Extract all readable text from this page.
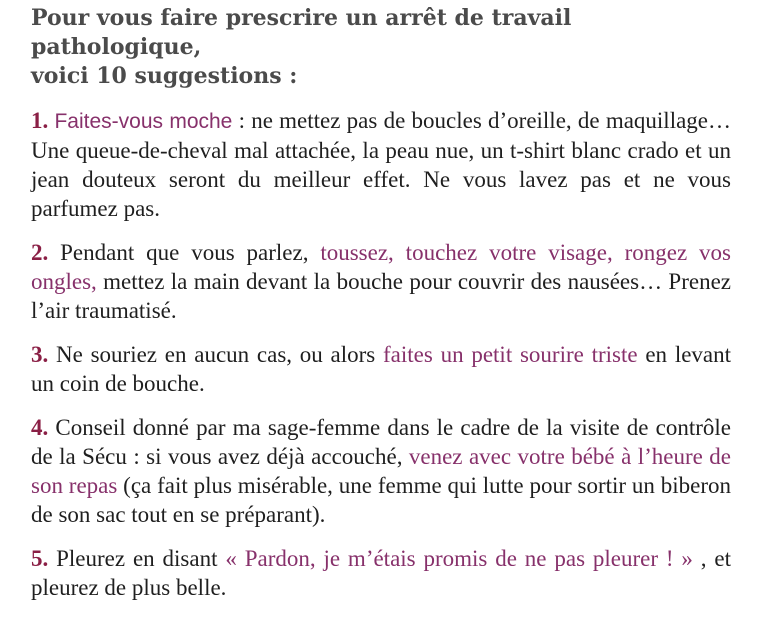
Pour vous faire prescrire un arrêt de travail pathologique,
voici 10 suggestions :
1. Faites-vous moche : ne mettez pas de boucles d’oreille, de maquillage… Une queue-de-cheval mal attachée, la peau nue, un t-shirt blanc crado et un jean douteux seront du meilleur effet. Ne vous lavez pas et ne vous parfumez pas.
2. Pendant que vous parlez, toussez, touchez votre visage, rongez vos ongles, mettez la main devant la bouche pour couvrir des nausées… Prenez l’air traumatisé.
3. Ne souriez en aucun cas, ou alors faites un petit sourire triste en levant un coin de bouche.
4. Conseil donné par ma sage-femme dans le cadre de la visite de contrôle de la Sécu : si vous avez déjà accouché, venez avec votre bébé à l’heure de son repas (ça fait plus misérable, une femme qui lutte pour sortir un biberon de son sac tout en se préparant).
5. Pleurez en disant « Pardon, je m’étais promis de ne pas pleurer ! » , et pleurez de plus belle.
